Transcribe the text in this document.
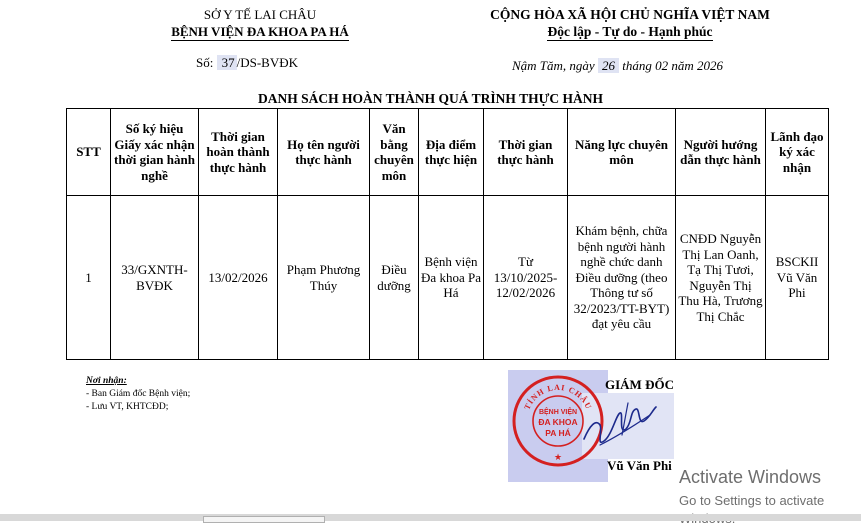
SỞ Y TẾ LAI CHÂU
BỆNH VIỆN ĐA KHOA PA HÁ
Số: 37 /DS-BVĐK
CỘNG HÒA XÃ HỘI CHỦ NGHĨA VIỆT NAM
Độc lập - Tự do - Hạnh phúc
Nậm Tăm, ngày 26 tháng 02 năm 2026
DANH SÁCH HOÀN THÀNH QUÁ TRÌNH THỰC HÀNH
STT	Số ký hiệu Giấy xác nhận thời gian hành nghề	Thời gian hoàn thành thực hành	Họ tên người thực hành	Văn bằng chuyên môn	Địa điểm thực hiện	Thời gian thực hành	Năng lực chuyên môn	Người hướng dẫn thực hành	Lãnh đạo ký xác nhận
1	33/GXNTH-BVĐK	13/02/2026	Phạm Phương Thúy	Điều dưỡng	Bệnh viện Đa khoa Pa Há	Từ 13/10/2025-12/02/2026	Khám bệnh, chữa bệnh người hành nghề chức danh Điều dưỡng (theo Thông tư số 32/2023/TT-BYT) đạt yêu cầu	CNĐD Nguyễn Thị Lan Oanh, Tạ Thị Tươi, Nguyễn Thị Thu Hà, Trương Thị Chắc	BSCKII Vũ Văn Phi
Nơi nhận:
- Ban Giám đốc Bệnh viện;
- Lưu VT, KHTCĐD;
GIÁM ĐỐC
TỈNH LAI CHÂU
BỆNH VIỆN
ĐA KHOA
PA HÁ
★
Vũ Văn Phi
Activate Windows
Go to Settings to activate
